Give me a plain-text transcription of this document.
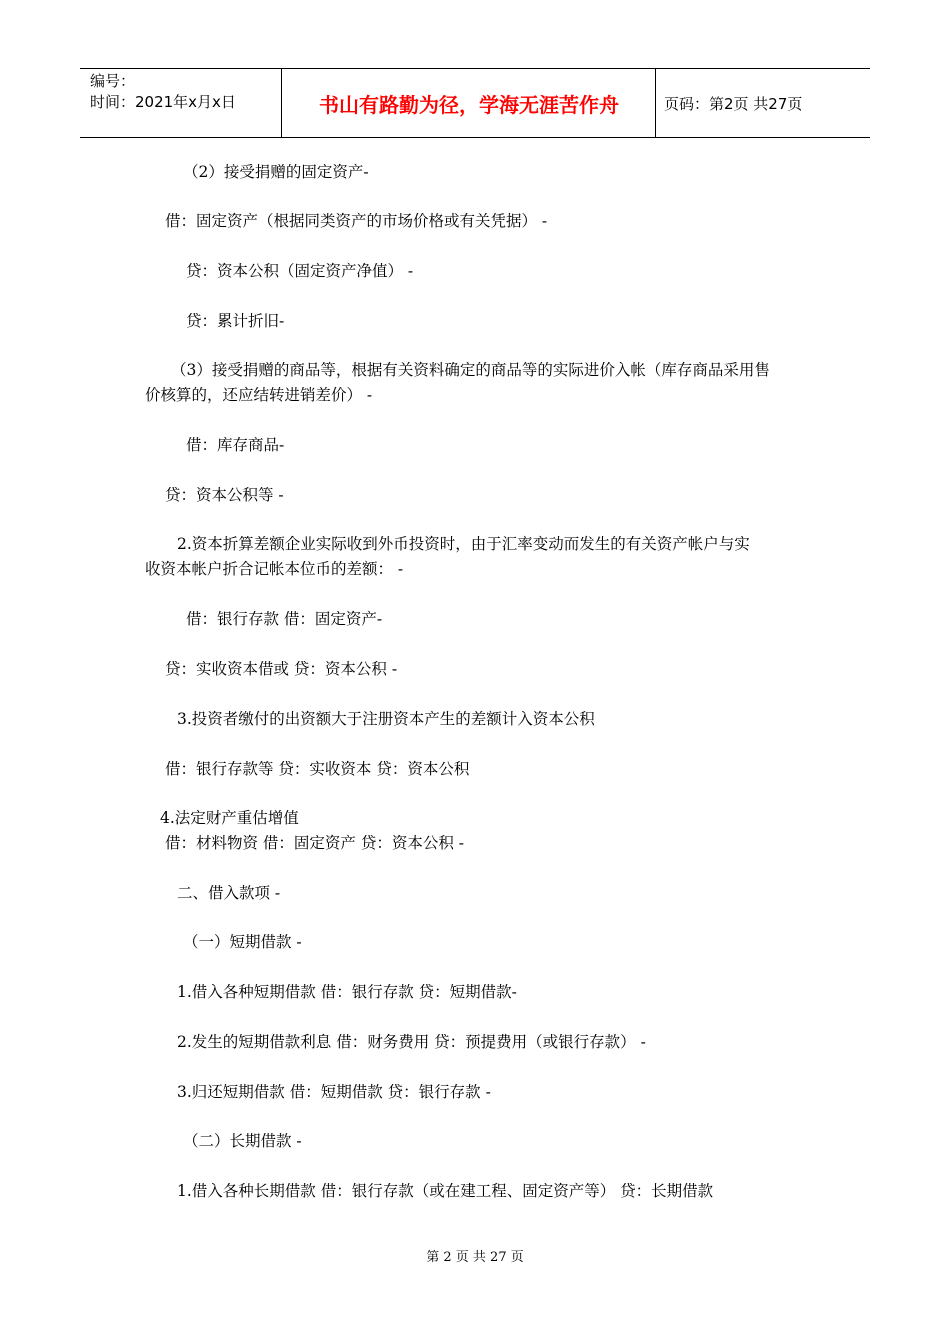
编号：
时间：2021年x月x日	书山有路勤为径，学海无涯苦作舟	页码：第2页 共27页
（2）接受捐赠的固定资产-
借：固定资产（根据同类资产的市场价格或有关凭据） -
贷：资本公积（固定资产净值） -
贷：累计折旧-
（3）接受捐赠的商品等，根据有关资料确定的商品等的实际进价入帐（库存商品采用售
价核算的，还应结转进销差价） -
借：库存商品-
贷：资本公积等 -
2.资本折算差额企业实际收到外币投资时，由于汇率变动而发生的有关资产帐户与实
收资本帐户折合记帐本位币的差额： -
借：银行存款 借：固定资产-
贷：实收资本借或 贷：资本公积 -
3.投资者缴付的出资额大于注册资本产生的差额计入资本公积
借：银行存款等 贷：实收资本 贷：资本公积
4.法定财产重估增值
借：材料物资 借：固定资产 贷：资本公积 -
二、借入款项 -
（一）短期借款 -
1.借入各种短期借款 借：银行存款 贷：短期借款-
2.发生的短期借款利息 借：财务费用 贷：预提费用（或银行存款） -
3.归还短期借款 借：短期借款 贷：银行存款 -
（二）长期借款 -
1.借入各种长期借款 借：银行存款（或在建工程、固定资产等） 贷：长期借款
第 2 页 共 27 页
